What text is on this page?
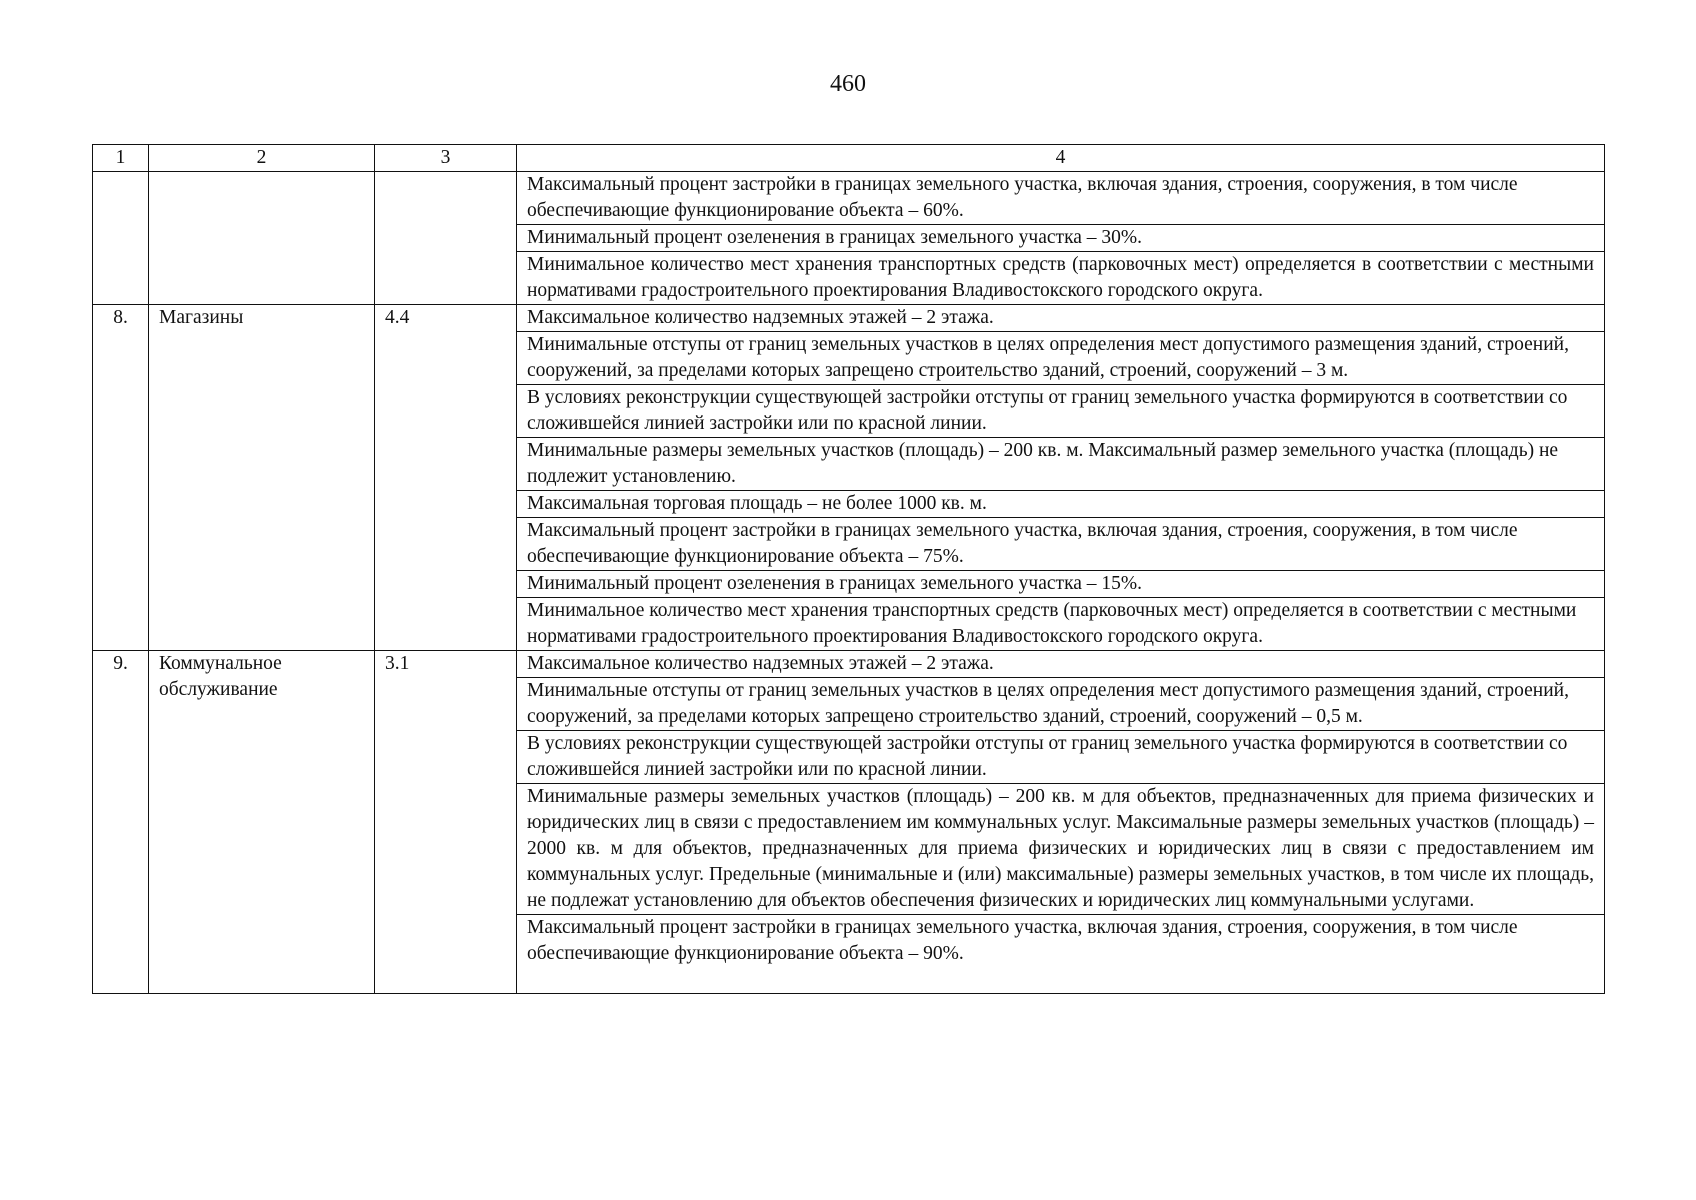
460
1	2	3	4
			Максимальный процент застройки в границах земельного участка, включая здания, строения, сооружения, в том числе обеспечивающие функционирование объекта – 60%.
			Минимальный процент озеленения в границах земельного участка – 30%.
			Минимальное количество мест хранения транспортных средств (парковочных мест) определяется в соответствии с местными нормативами градостроительного проектирования Владивостокского городского округа.
8.	Магазины	4.4	Максимальное количество надземных этажей – 2 этажа.
			Минимальные отступы от границ земельных участков в целях определения мест допустимого размещения зданий, строений, сооружений, за пределами которых запрещено строительство зданий, строений, сооружений – 3 м.
			В условиях реконструкции существующей застройки отступы от границ земельного участка формируются в соответствии со сложившейся линией застройки или по красной линии.
			Минимальные размеры земельных участков (площадь) – 200 кв. м. Максимальный размер земельного участка (площадь) не подлежит установлению.
			Максимальная торговая площадь – не более 1000 кв. м.
			Максимальный процент застройки в границах земельного участка, включая здания, строения, сооружения, в том числе обеспечивающие функционирование объекта – 75%.
			Минимальный процент озеленения в границах земельного участка – 15%.
			Минимальное количество мест хранения транспортных средств (парковочных мест) определяется в соответствии с местными нормативами градостроительного проектирования Владивостокского городского округа.
9.	Коммунальное обслуживание	3.1	Максимальное количество надземных этажей – 2 этажа.
			Минимальные отступы от границ земельных участков в целях определения мест допустимого размещения зданий, строений, сооружений, за пределами которых запрещено строительство зданий, строений, сооружений – 0,5 м.
			В условиях реконструкции существующей застройки отступы от границ земельного участка формируются в соответствии со сложившейся линией застройки или по красной линии.
			Минимальные размеры земельных участков (площадь) – 200 кв. м для объектов, предназначенных для приема физических и юридических лиц в связи с предоставлением им коммунальных услуг. Максимальные размеры земельных участков (площадь) – 2000 кв. м для объектов, предназначенных для приема физических и юридических лиц в связи с предоставлением им коммунальных услуг. Предельные (минимальные и (или) максимальные) размеры земельных участков, в том числе их площадь, не подлежат установлению для объектов обеспечения физических и юридических лиц коммунальными услугами.
			Максимальный процент застройки в границах земельного участка, включая здания, строения, сооружения, в том числе обеспечивающие функционирование объекта – 90%.
